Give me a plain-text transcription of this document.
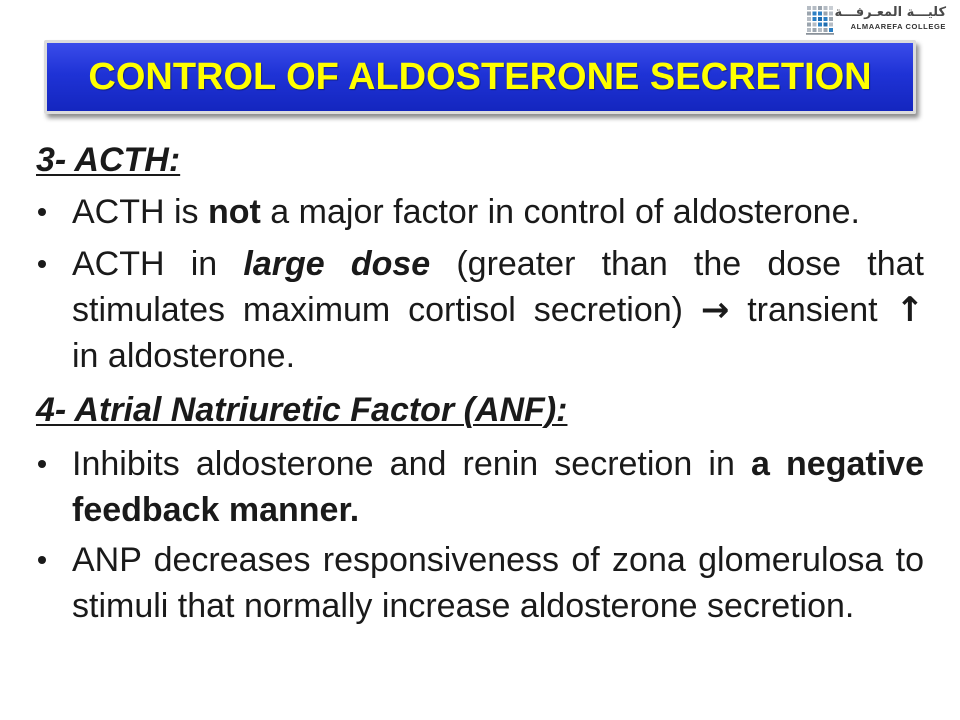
كليـــة المعـرفـــة
ALMAAREFA COLLEGE
CONTROL OF ALDOSTERONE SECRETION
3- ACTH:
ACTH is not a major factor in control of aldosterone.
ACTH in large dose (greater than the dose that
stimulates maximum cortisol secretion) → transient ↑
in aldosterone.
4- Atrial Natriuretic Factor (ANF):
Inhibits aldosterone and renin secretion in a negative
feedback manner.
ANP decreases responsiveness of zona glomerulosa to
stimuli that normally increase aldosterone secretion.
